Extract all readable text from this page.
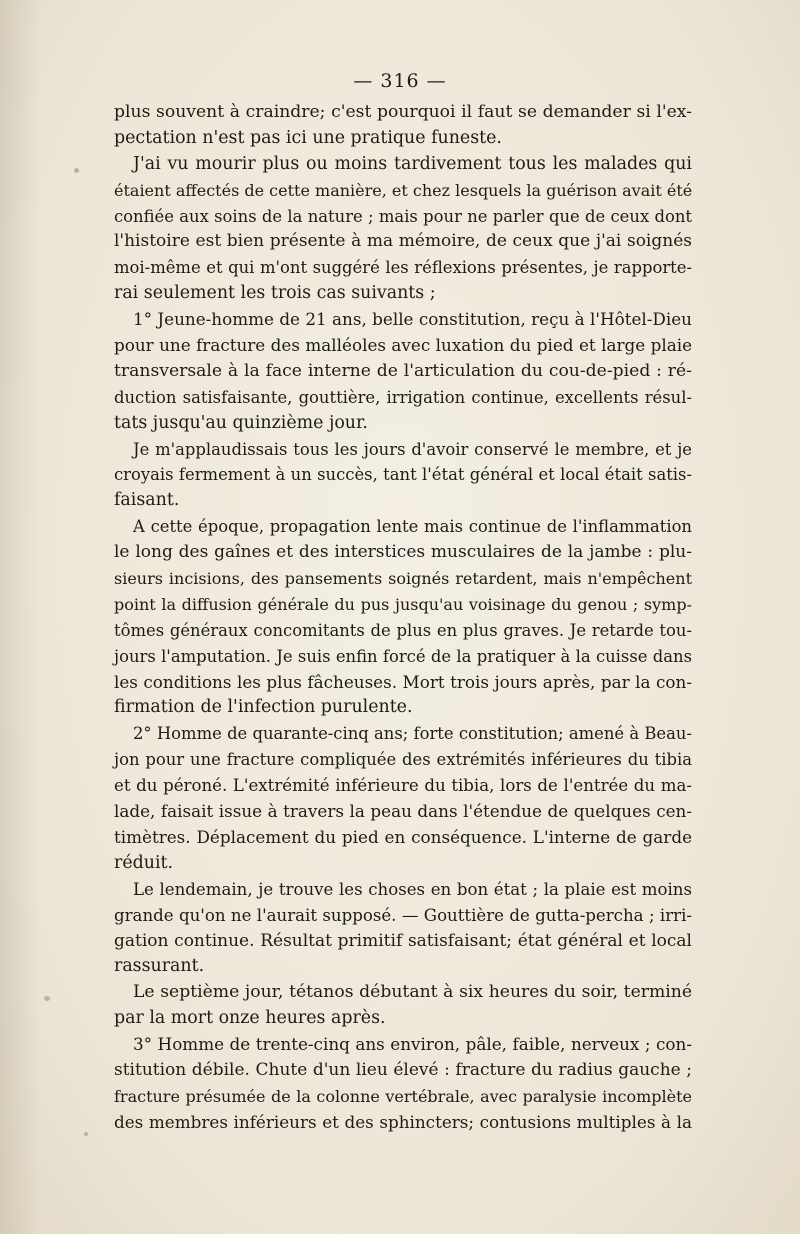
— 316 —
plus souvent à craindre; c'est pourquoi il faut se demander si l'ex-
pectation n'est pas ici une pratique funeste.
J'ai vu mourir plus ou moins tardivement tous les malades qui
étaient affectés de cette manière, et chez lesquels la guérison avait été
confiée aux soins de la nature ; mais pour ne parler que de ceux dont
l'histoire est bien présente à ma mémoire, de ceux que j'ai soignés
moi-même et qui m'ont suggéré les réflexions présentes, je rapporte-
rai seulement les trois cas suivants ;
1° Jeune-homme de 21 ans, belle constitution, reçu à l'Hôtel-Dieu
pour une fracture des malléoles avec luxation du pied et large plaie
transversale à la face interne de l'articulation du cou-de-pied : ré-
duction satisfaisante, gouttière, irrigation continue, excellents résul-
tats jusqu'au quinzième jour.
Je m'applaudissais tous les jours d'avoir conservé le membre, et je
croyais fermement à un succès, tant l'état général et local était satis-
faisant.
A cette époque, propagation lente mais continue de l'inflammation
le long des gaînes et des interstices musculaires de la jambe : plu-
sieurs incisions, des pansements soignés retardent, mais n'empêchent
point la diffusion générale du pus jusqu'au voisinage du genou ; symp-
tômes généraux concomitants de plus en plus graves. Je retarde tou-
jours l'amputation. Je suis enfin forcé de la pratiquer à la cuisse dans
les conditions les plus fâcheuses. Mort trois jours après, par la con-
firmation de l'infection purulente.
2° Homme de quarante-cinq ans; forte constitution; amené à Beau-
jon pour une fracture compliquée des extrémités inférieures du tibia
et du péroné. L'extrémité inférieure du tibia, lors de l'entrée du ma-
lade, faisait issue à travers la peau dans l'étendue de quelques cen-
timètres. Déplacement du pied en conséquence. L'interne de garde
réduit.
Le lendemain, je trouve les choses en bon état ; la plaie est moins
grande qu'on ne l'aurait supposé. — Gouttière de gutta-percha ; irri-
gation continue. Résultat primitif satisfaisant; état général et local
rassurant.
Le septième jour, tétanos débutant à six heures du soir, terminé
par la mort onze heures après.
3° Homme de trente-cinq ans environ, pâle, faible, nerveux ; con-
stitution débile. Chute d'un lieu élevé : fracture du radius gauche ;
fracture présumée de la colonne vertébrale, avec paralysie incomplète
des membres inférieurs et des sphincters; contusions multiples à la
